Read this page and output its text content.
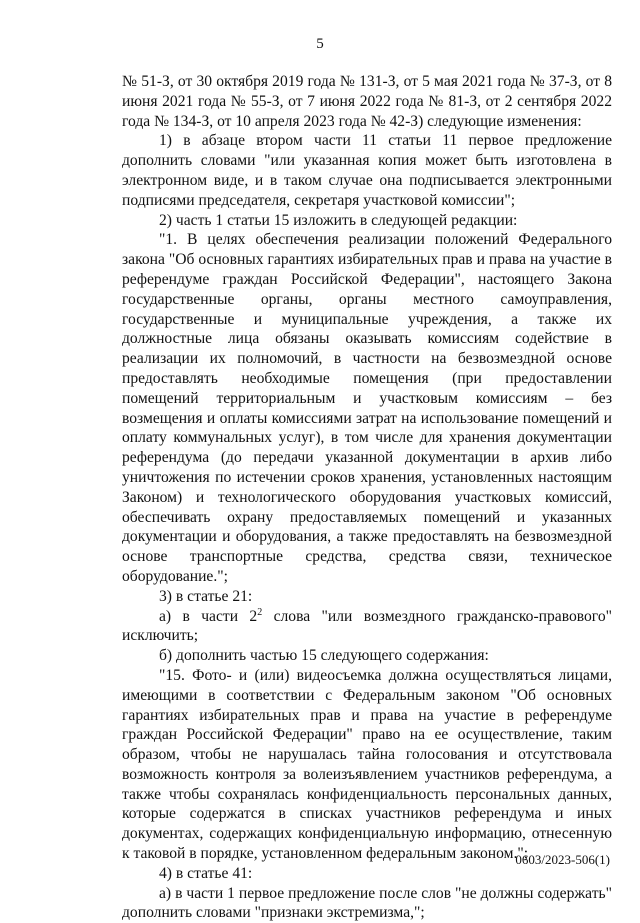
5

№ 51-З, от 30 октября 2019 года № 131-З, от 5 мая 2021 года № 37-З, от 8 июня 2021 года № 55-З, от 7 июня 2022 года № 81-З, от 2 сентября 2022 года № 134-З, от 10 апреля 2023 года № 42-З) следующие изменения:

1) в абзаце втором части 11 статьи 11 первое предложение дополнить словами "или указанная копия может быть изготовлена в электронном виде, и в таком случае она подписывается электронными подписями председателя, секретаря участковой комиссии";

2) часть 1 статьи 15 изложить в следующей редакции:

"1. В целях обеспечения реализации положений Федерального закона "Об основных гарантиях избирательных прав и права на участие в референдуме граждан Российской Федерации", настоящего Закона государственные органы, органы местного самоуправления, государственные и муниципальные учреждения, а также их должностные лица обязаны оказывать комиссиям содействие в реализации их полномочий, в частности на безвозмездной основе предоставлять необходимые помещения (при предоставлении помещений территориальным и участковым комиссиям – без возмещения и оплаты комиссиями затрат на использование помещений и оплату коммунальных услуг), в том числе для хранения документации референдума (до передачи указанной документации в архив либо уничтожения по истечении сроков хранения, установленных настоящим Законом) и технологического оборудования участковых комиссий, обеспечивать охрану предоставляемых помещений и указанных документации и оборудования, а также предоставлять на безвозмездной основе транспортные средства, средства связи, техническое оборудование.";

3) в статье 21:

а) в части $2^2$ слова "или возмездного гражданско-правового" исключить;

б) дополнить частью 15 следующего содержания:

"15. Фото- и (или) видеосъемка должна осуществляться лицами, имеющими в соответствии с Федеральным законом "Об основных гарантиях избирательных прав и права на участие в референдуме граждан Российской Федерации" право на ее осуществление, таким образом, чтобы не нарушалась тайна голосования и отсутствовала возможность контроля за волеизъявлением участников референдума, а также чтобы сохранялась конфиденциальность персональных данных, которые содержатся в списках участников референдума и иных документах, содержащих конфиденциальную информацию, отнесенную к таковой в порядке, установленном федеральным законом.";

4) в статье 41:

а) в части 1 первое предложение после слов "не должны содержать" дополнить словами "признаки экстремизма,";

0603/2023-506(1)
